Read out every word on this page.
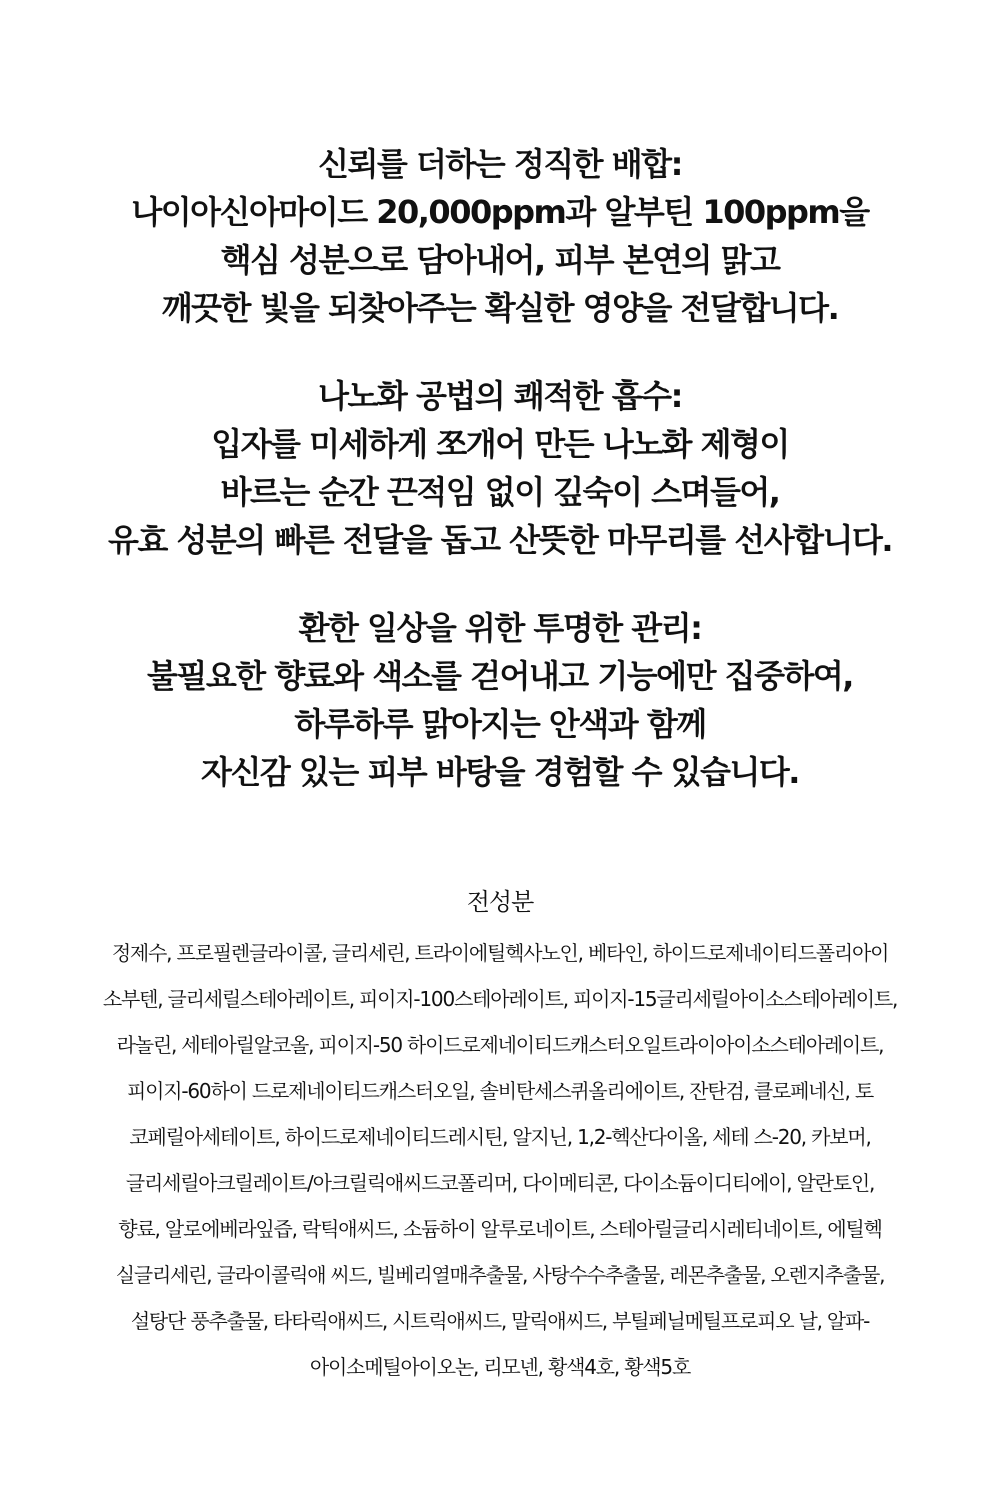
신뢰를 더하는 정직한 배합:
나이아신아마이드 20,000ppm과 알부틴 100ppm을
핵심 성분으로 담아내어, 피부 본연의 맑고
깨끗한 빛을 되찾아주는 확실한 영양을 전달합니다.
나노화 공법의 쾌적한 흡수:
입자를 미세하게 쪼개어 만든 나노화 제형이
바르는 순간 끈적임 없이 깊숙이 스며들어,
유효 성분의 빠른 전달을 돕고 산뜻한 마무리를 선사합니다.
환한 일상을 위한 투명한 관리:
불필요한 향료와 색소를 걷어내고 기능에만 집중하여,
하루하루 맑아지는 안색과 함께
자신감 있는 피부 바탕을 경험할 수 있습니다.
전성분
정제수, 프로필렌글라이콜, 글리세린, 트라이에틸헥사노인, 베타인, 하이드로제네이티드폴리아이
소부텐, 글리세릴스테아레이트, 피이지-100스테아레이트, 피이지-15글리세릴아이소스테아레이트,
라놀린, 세테아릴알코올, 피이지-50 하이드로제네이티드캐스터오일트라이아이소스테아레이트,
피이지-60하이 드로제네이티드캐스터오일, 솔비탄세스퀴올리에이트, 잔탄검, 클로페네신, 토
코페릴아세테이트, 하이드로제네이티드레시틴, 알지닌, 1,2-헥산다이올, 세테 스-20, 카보머,
글리세릴아크릴레이트/아크릴릭애씨드코폴리머, 다이메티콘, 다이소듐이디티에이, 알란토인,
향료, 알로에베라잎즙, 락틱애씨드, 소듐하이 알루로네이트, 스테아릴글리시레티네이트, 에틸헥
실글리세린, 글라이콜릭애 씨드, 빌베리열매추출물, 사탕수수추출물, 레몬추출물, 오렌지추출물,
설탕단 풍추출물, 타타릭애씨드, 시트릭애씨드, 말릭애씨드, 부틸페닐메틸프로피오 날, 알파-
아이소메틸아이오논, 리모넨, 황색4호, 황색5호
